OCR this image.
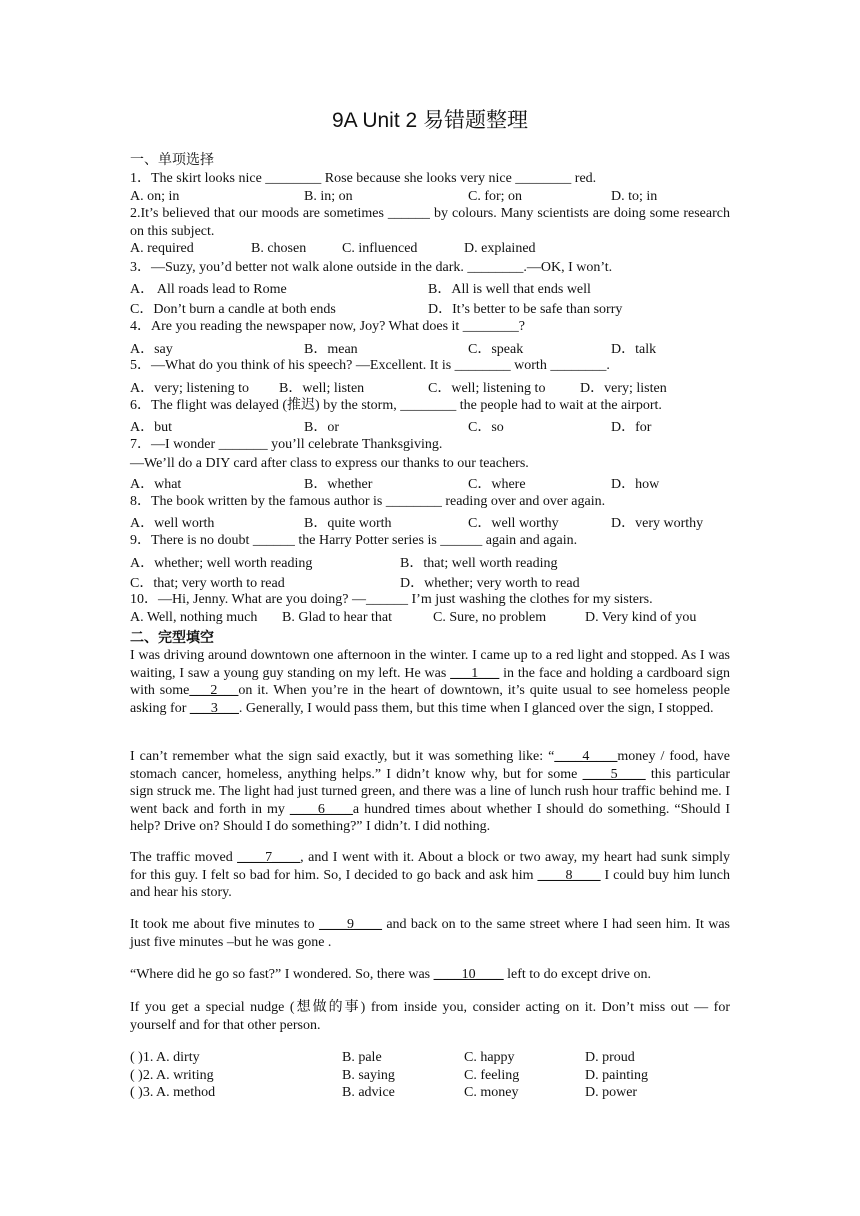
9A Unit 2 易错题整理
一、单项选择
1．The skirt looks nice ________ Rose because she looks very nice ________ red.
A. on; in	B. in; on	C. for; on	D. to; in
2.It’s believed that our moods are sometimes ______ by colours. Many scientists are doing some research on this subject.
A. required	B. chosen	C. influenced	D. explained
3．—Suzy, you’d better not walk alone outside in the dark. ________.—OK, I won’t.
A． All roads lead to Rome	B．All is well that ends well
C．Don’t burn a candle at both ends	D．It’s better to be safe than sorry
4．Are you reading the newspaper now, Joy? What does it ________?
A．say	B．mean	C．speak	D．talk
5．—What do you think of his speech? —Excellent. It is ________ worth ________.
A．very; listening to B．well; listen	C．well; listening to D．very; listen
6．The flight was delayed (推迟) by the storm, ________ the people had to wait at the airport.
A．but	B．or	C．so	D．for
7．—I wonder _______ you’ll celebrate Thanksgiving.
—We’ll do a DIY card after class to express our thanks to our teachers.
A．what	B．whether	C．where	D．how
8．The book written by the famous author is ________ reading over and over again.
A．well worth	B．quite worth	C．well worthy	D．very worthy
9．There is no doubt ______ the Harry Potter series is ______ again and again.
A．whether; well worth reading	B．that; well worth reading
C．that; very worth to read	D．whether; very worth to read
10．—Hi, Jenny. What are you doing? —______ I’m just washing the clothes for my sisters.
A. Well, nothing much B. Glad to hear that	C. Sure, no problem	D. Very kind of you
二、完型填空
I was driving around downtown one afternoon in the winter. I came up to a red light and stopped. As I was waiting, I saw a young guy standing on my left. He was ___1___ in the face and holding a cardboard sign with some___2___on it. When you’re in the heart of downtown, it’s quite usual to see homeless people asking for ___3___. Generally, I would pass them, but this time when I glanced over the sign, I stopped.
I can’t remember what the sign said exactly, but it was something like: “____4____money / food, have stomach cancer, homeless, anything helps.” I didn’t know why, but for some ____5____ this particular sign struck me. The light had just turned green, and there was a line of lunch rush hour traffic behind me. I went back and forth in my ____6____a hundred times about whether I should do something. “Should I help? Drive on? Should I do something?” I didn’t. I did nothing.
The traffic moved ____7____, and I went with it. About a block or two away, my heart had sunk simply for this guy. I felt so bad for him. So, I decided to go back and ask him ____8____ I could buy him lunch and hear his story.
It took me about five minutes to ____9____ and back on to the same street where I had seen him. It was just five minutes –but he was gone .
“Where did he go so fast?” I wondered. So, there was ____10____ left to do except drive on.
If you get a special nudge (想做的事) from inside you, consider acting on it. Don’t miss out — for yourself and for that other person.
( )1. A. dirty	B. pale	C. happy	D. proud
( )2. A. writing	B. saying	C. feeling	D. painting
( )3. A. method	B. advice	C. money	D. power
